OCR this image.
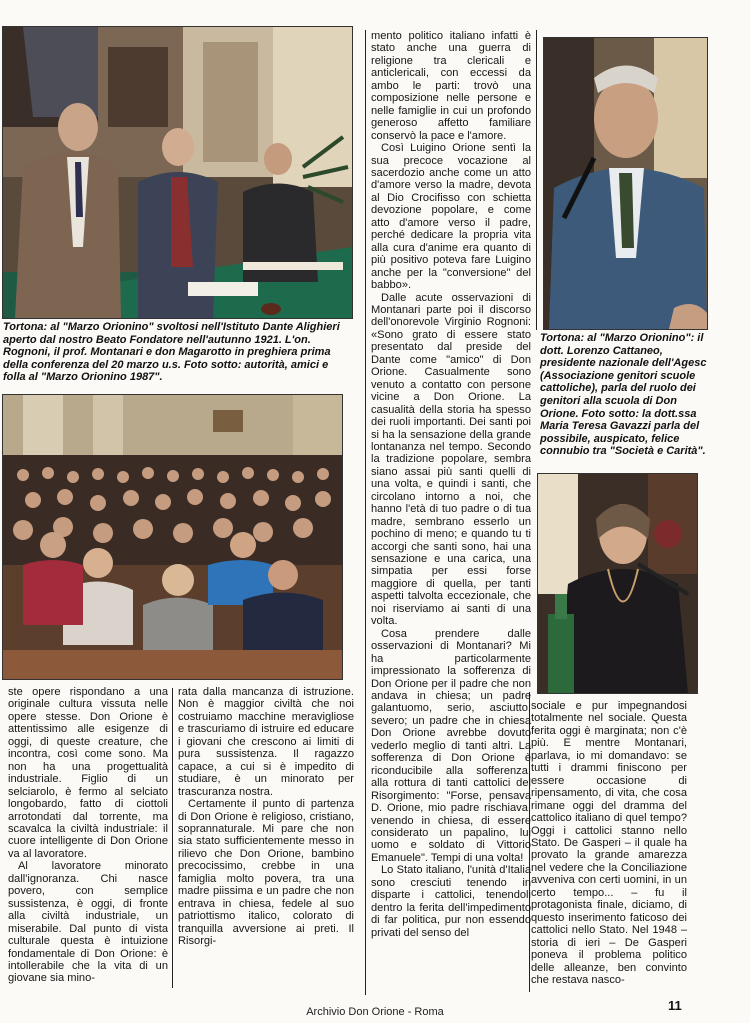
Tortona: al "Marzo Orionino" svoltosi nell'Istituto Dante Alighieri aperto dal nostro Beato Fondatore nell'autunno 1921. L'on. Rognoni, il prof. Montanari e don Magarotto in preghiera prima della conferenza del 20 marzo u.s. Foto sotto: autorità, amici e folla al "Marzo Orionino 1987".
Tortona: al "Marzo Orionino": il dott. Lorenzo Cattaneo, presidente nazionale dell'Agesc (Associazione genitori scuole cattoliche), parla del ruolo dei genitori alla scuola di Don Orione. Foto sotto: la dott.ssa Maria Teresa Gavazzi parla del possibile, auspicato, felice connubio tra "Società e Carità".

mento politico italiano infatti è stato anche una guerra di religione tra clericali e anticlericali, con eccessi da ambo le parti: trovò una composizione nelle persone e nelle famiglie in cui un profondo generoso affetto familiare conservò la pace e l'amore.

Così Luigino Orione sentì la sua precoce vocazione al sacerdozio anche come un atto d'amore verso la madre, devota al Dio Crocifisso con schietta devozione popolare, e come atto d'amore verso il padre, perché dedicare la propria vita alla cura d'anime era quanto di più positivo poteva fare Luigino anche per la "conversione" del babbo».

Dalle acute osservazioni di Montanari parte poi il discorso dell'onorevole Virginio Rognoni: «Sono grato di essere stato presentato dal preside del Dante come "amico" di Don Orione. Casualmente sono venuto a contatto con persone vicine a Don Orione. La casualità della storia ha spesso dei ruoli importanti. Dei santi poi si ha la sensazione della grande lontananza nel tempo. Secondo la tradizione popolare, sembra siano assai più santi quelli di una volta, e quindi i santi, che circolano intorno a noi, che hanno l'età di tuo padre o di tua madre, sembrano esserlo un pochino di meno; e quando tu ti accorgi che santi sono, hai una sensazione e una carica, una simpatia per essi forse maggiore di quella, per tanti aspetti talvolta eccezionale, che noi riserviamo ai santi di una volta.

Cosa prendere dalle osservazioni di Montanari? Mi ha particolarmente impressionato la sofferenza di Don Orione per il padre che non andava in chiesa; un padre galantuomo, serio, asciutto, severo; un padre che in chiesa Don Orione avrebbe dovuto vederlo meglio di tanti altri. La sofferenza di Don Orione è riconducibile alla sofferenza, alla rottura di tanti cattolici del Risorgimento: "Forse, pensava D. Orione, mio padre rischiava, venendo in chiesa, di essere considerato un papalino, lui uomo e soldato di Vittorio Emanuele". Tempi di una volta!

Lo Stato italiano, l'unità d'Italia sono cresciuti tenendo in disparte i cattolici, tenendoli dentro la ferita dell'impedimento di far politica, pur non essendo privati del senso del

ste opere rispondano a una originale cultura vissuta nelle opere stesse. Don Orione è attentissimo alle esigenze di oggi, di queste creature, che incontra, così come sono. Ma non ha una progettualità industriale. Figlio di un selciarolo, è fermo al selciato longobardo, fatto di ciottoli arrotondati dal torrente, ma scavalca la civiltà industriale: il cuore intelligente di Don Orione va al lavoratore.

Al lavoratore minorato dall'ignoranza. Chi nasce povero, con semplice sussistenza, è oggi, di fronte alla civiltà industriale, un miserabile. Dal punto di vista culturale questa è intuizione fondamentale di Don Orione: è intollerabile che la vita di un giovane sia mino-

rata dalla mancanza di istruzione. Non è maggior civiltà che noi costruiamo macchine meravigliose e trascuriamo di istruire ed educare i giovani che crescono ai limiti di pura sussistenza. Il ragazzo capace, a cui si è impedito di studiare, è un minorato per trascuranza nostra.

Certamente il punto di partenza di Don Orione è religioso, cristiano, soprannaturale. Mi pare che non sia stato sufficientemente messo in rilievo che Don Orione, bambino precocissimo, crebbe in una famiglia molto povera, tra una madre piissima e un padre che non entrava in chiesa, fedele al suo patriottismo italico, colorato di tranquilla avversione ai preti. Il Risorgi-

sociale e pur impegnandosi totalmente nel sociale. Questa ferita oggi è marginata; non c'è più. E mentre Montanari, parlava, io mi domandavo: se tutti i drammi finiscono per essere occasione di ripensamento, di vita, che cosa rimane oggi del dramma del cattolico italiano di quel tempo? Oggi i cattolici stanno nello Stato. De Gasperi – il quale ha provato la grande amarezza nel vedere che la Conciliazione avveniva con certi uomini, in un certo tempo... – fu il protagonista finale, diciamo, di questo inserimento faticoso dei cattolici nello Stato. Nel 1948 – storia di ieri – De Gasperi poneva il problema politico delle alleanze, ben convinto che restava nasco-

11
Archivio Don Orione - Roma
